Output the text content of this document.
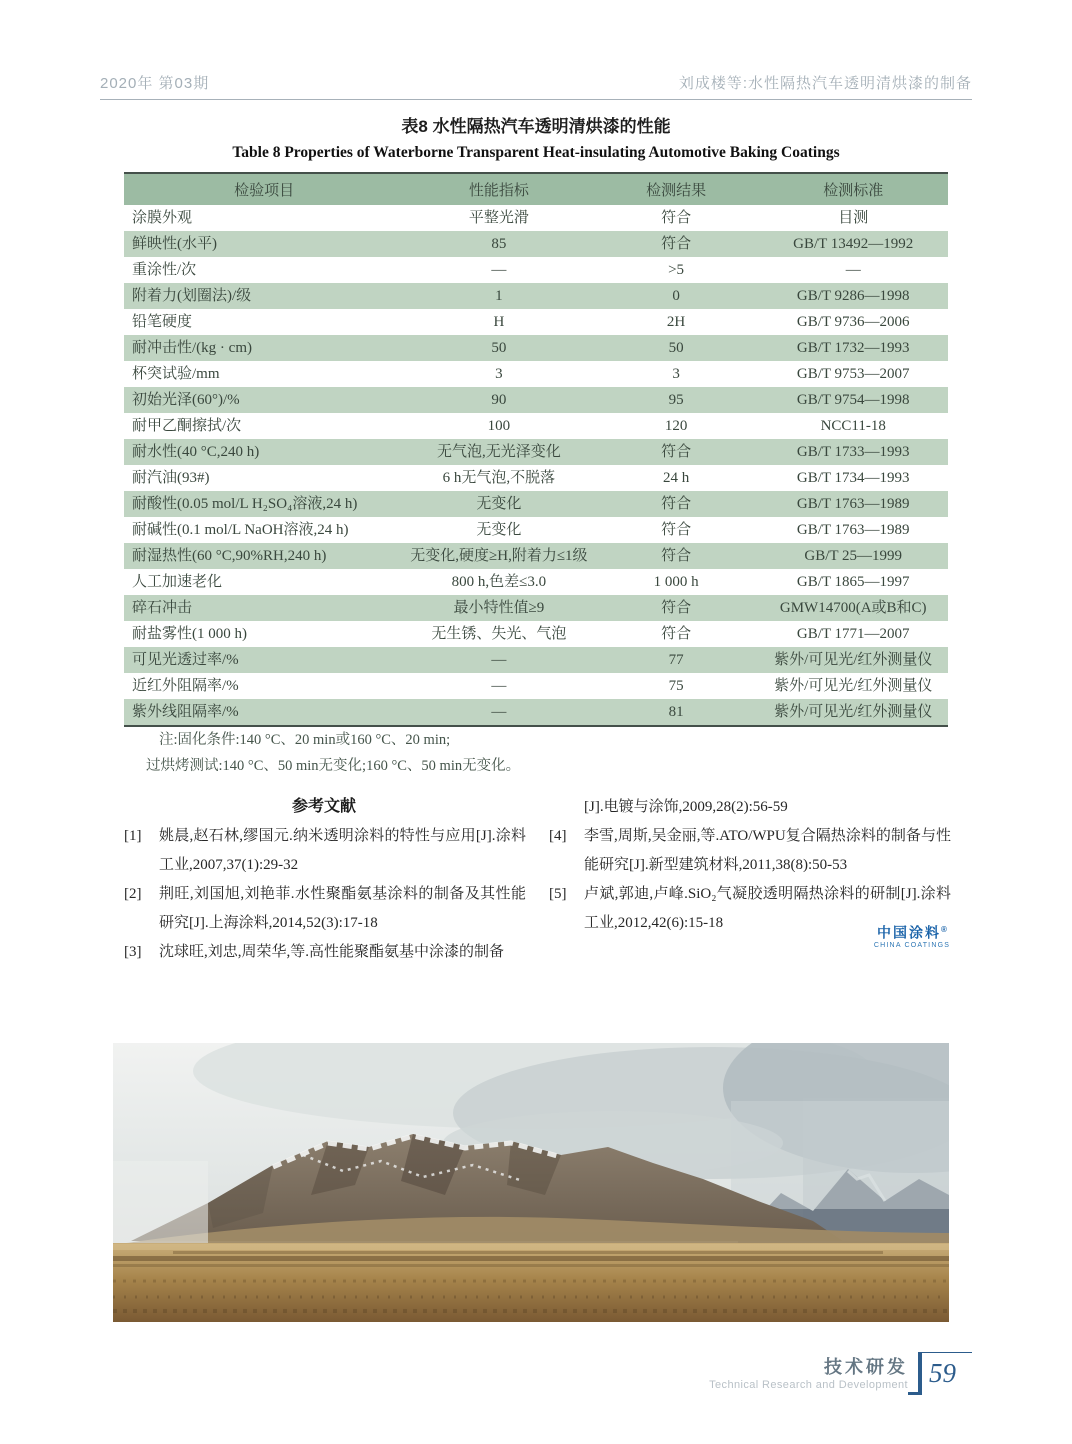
2020年 第03期	刘成楼等:水性隔热汽车透明清烘漆的制备
表8 水性隔热汽车透明清烘漆的性能
Table 8 Properties of Waterborne Transparent Heat-insulating Automotive Baking Coatings
检验项目	性能指标	检测结果	检测标准
涂膜外观	平整光滑	符合	目测
鲜映性(水平)	85	符合	GB/T 13492—1992
重涂性/次	—	>5	—
附着力(划圈法)/级	1	0	GB/T 9286—1998
铅笔硬度	H	2H	GB/T 9736—2006
耐冲击性/(kg · cm)	50	50	GB/T 1732—1993
杯突试验/mm	3	3	GB/T 9753—2007
初始光泽(60°)/%	90	95	GB/T 9754—1998
耐甲乙酮擦拭/次	100	120	NCC11-18
耐水性(40 °C,240 h)	无气泡,无光泽变化	符合	GB/T 1733—1993
耐汽油(93#)	6 h无气泡,不脱落	24 h	GB/T 1734—1993
耐酸性(0.05 mol/L H₂SO₄溶液,24 h)	无变化	符合	GB/T 1763—1989
耐碱性(0.1 mol/L NaOH溶液,24 h)	无变化	符合	GB/T 1763—1989
耐湿热性(60 °C,90%RH,240 h)	无变化,硬度≥H,附着力≤1级	符合	GB/T 25—1999
人工加速老化	800 h,色差≤3.0	1 000 h	GB/T 1865—1997
碎石冲击	最小特性值≥9	符合	GMW14700(A或B和C)
耐盐雾性(1 000 h)	无生锈、失光、气泡	符合	GB/T 1771—2007
可见光透过率/%	—	77	紫外/可见光/红外测量仪
近红外阻隔率/%	—	75	紫外/可见光/红外测量仪
紫外线阻隔率/%	—	81	紫外/可见光/红外测量仪
注:固化条件:140 °C、20 min或160 °C、20 min;
过烘烤测试:140 °C、50 min无变化;160 °C、50 min无变化。
参考文献
[1]	姚晨,赵石林,缪国元.纳米透明涂料的特性与应用[J].涂料工业,2007,37(1):29-32
[2]	荆旺,刘国旭,刘艳菲.水性聚酯氨基涂料的制备及其性能研究[J].上海涂料,2014,52(3):17-18
[3]	沈球旺,刘忠,周荣华,等.高性能聚酯氨基中涂漆的制备
[J].电镀与涂饰,2009,28(2):56-59
[4]	李雪,周斯,吴金丽,等.ATO/WPU复合隔热涂料的制备与性能研究[J].新型建筑材料,2011,38(8):50-53
[5]	卢斌,郭迪,卢峰.SiO₂气凝胶透明隔热涂料的研制[J].涂料工业,2012,42(6):15-18
中国涂料®
CHINA COATINGS
技术研发
Technical Research and Development 59
